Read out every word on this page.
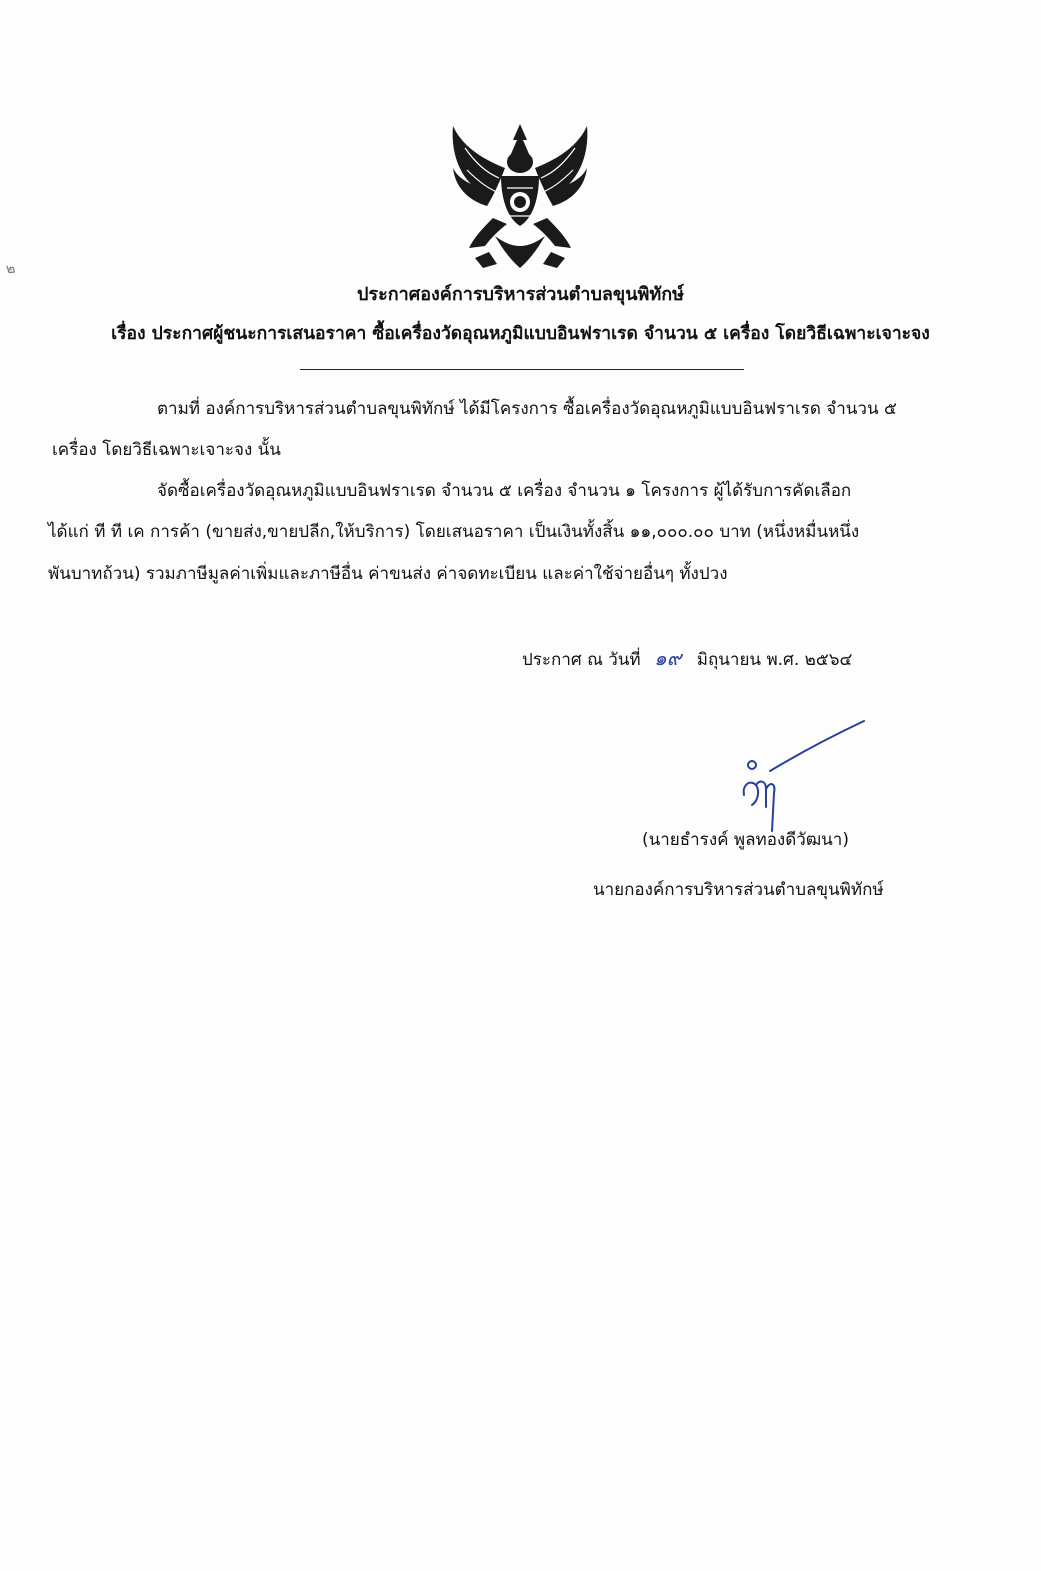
๒
ประกาศองค์การบริหารส่วนตำบลขุนพิทักษ์
เรื่อง ประกาศผู้ชนะการเสนอราคา ซื้อเครื่องวัดอุณหภูมิแบบอินฟราเรด จำนวน ๕ เครื่อง โดยวิธีเฉพาะเจาะจง
ตามที่ องค์การบริหารส่วนตำบลขุนพิทักษ์ ได้มีโครงการ ซื้อเครื่องวัดอุณหภูมิแบบอินฟราเรด จำนวน ๕
เครื่อง โดยวิธีเฉพาะเจาะจง นั้น
จัดซื้อเครื่องวัดอุณหภูมิแบบอินฟราเรด จำนวน ๕ เครื่อง จำนวน ๑ โครงการ ผู้ได้รับการคัดเลือก
ได้แก่ ที ที เค การค้า (ขายส่ง,ขายปลีก,ให้บริการ) โดยเสนอราคา เป็นเงินทั้งสิ้น ๑๑,๐๐๐.๐๐ บาท (หนึ่งหมื่นหนึ่ง
พันบาทถ้วน) รวมภาษีมูลค่าเพิ่มและภาษีอื่น ค่าขนส่ง ค่าจดทะเบียน และค่าใช้จ่ายอื่นๆ ทั้งปวง
ประกาศ ณ วันที่ ๑๙ มิถุนายน พ.ศ. ๒๕๖๔
(นายธำรงค์ พูลทองดีวัฒนา)
นายกองค์การบริหารส่วนตำบลขุนพิทักษ์
